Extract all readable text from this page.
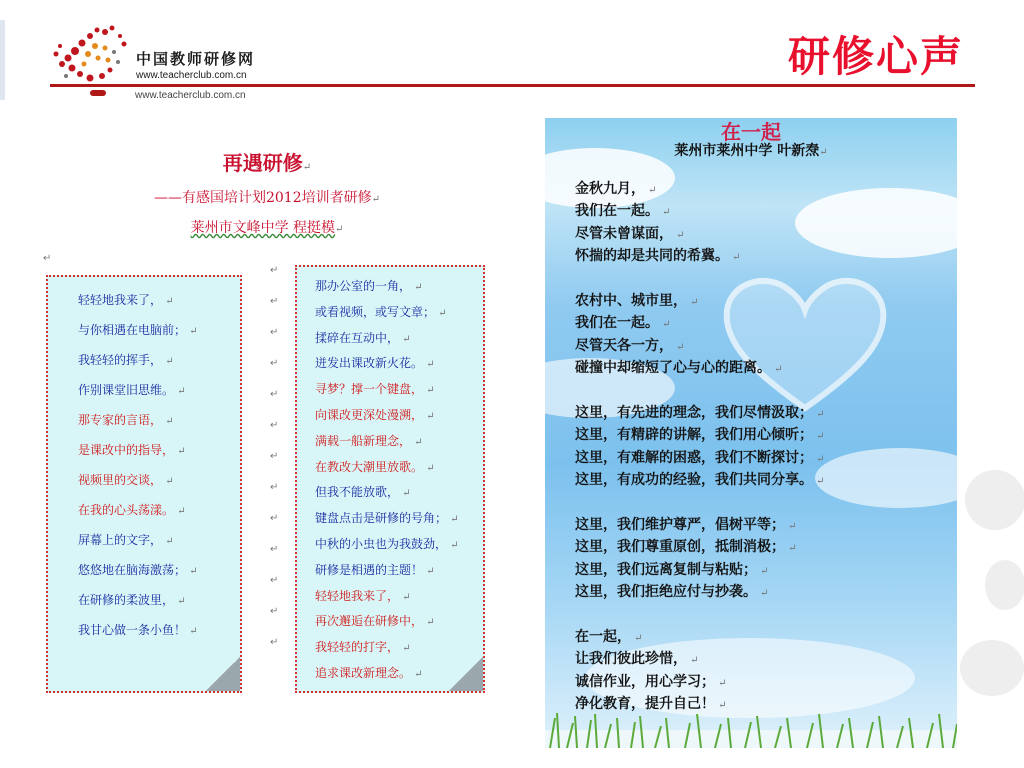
中国教师研修网
www.teacherclub.com.cn
www.teacherclub.com.cn
研修心声
再遇研修↵
——有感国培计划2012培训者研修↵
莱州市文峰中学 程挺模↵
↵
轻轻地我来了， ↵
与你相遇在电脑前； ↵
我轻轻的挥手， ↵
作别课堂旧思维。 ↵
那专家的言语， ↵
是课改中的指导， ↵
视频里的交谈， ↵
在我的心头荡漾。 ↵
屏幕上的文字， ↵
悠悠地在脑海激荡； ↵
在研修的柔波里， ↵
我甘心做一条小鱼！ ↵
↵
↵
↵
↵
↵
↵
↵
↵
↵
↵
↵
↵
↵
那办公室的一角， ↵
或看视频，或写文章； ↵
揉碎在互动中， ↵
迸发出课改新火花。 ↵
寻梦？撑一个键盘， ↵
向课改更深处漫溯， ↵
满载一船新理念， ↵
在教改大潮里放歌。 ↵
但我不能放歌， ↵
键盘点击是研修的号角； ↵
中秋的小虫也为我鼓劲， ↵
研修是相遇的主题！ ↵
轻轻地我来了， ↵
再次邂逅在研修中， ↵
我轻轻的打字， ↵
追求课改新理念。 ↵
在一起
莱州市莱州中学 叶新焘↵
金秋九月， ↵
我们在一起。 ↵
尽管未曾谋面， ↵
怀揣的却是共同的希冀。 ↵
农村中、城市里， ↵
我们在一起。 ↵
尽管天各一方， ↵
碰撞中却缩短了心与心的距离。 ↵
这里，有先进的理念，我们尽情汲取； ↵
这里，有精辟的讲解，我们用心倾听； ↵
这里，有难解的困惑，我们不断探讨； ↵
这里，有成功的经验，我们共同分享。 ↵
这里，我们维护尊严，倡树平等； ↵
这里，我们尊重原创，抵制消极； ↵
这里，我们远离复制与粘贴； ↵
这里，我们拒绝应付与抄袭。 ↵
在一起， ↵
让我们彼此珍惜， ↵
诚信作业，用心学习； ↵
净化教育，提升自己！ ↵
